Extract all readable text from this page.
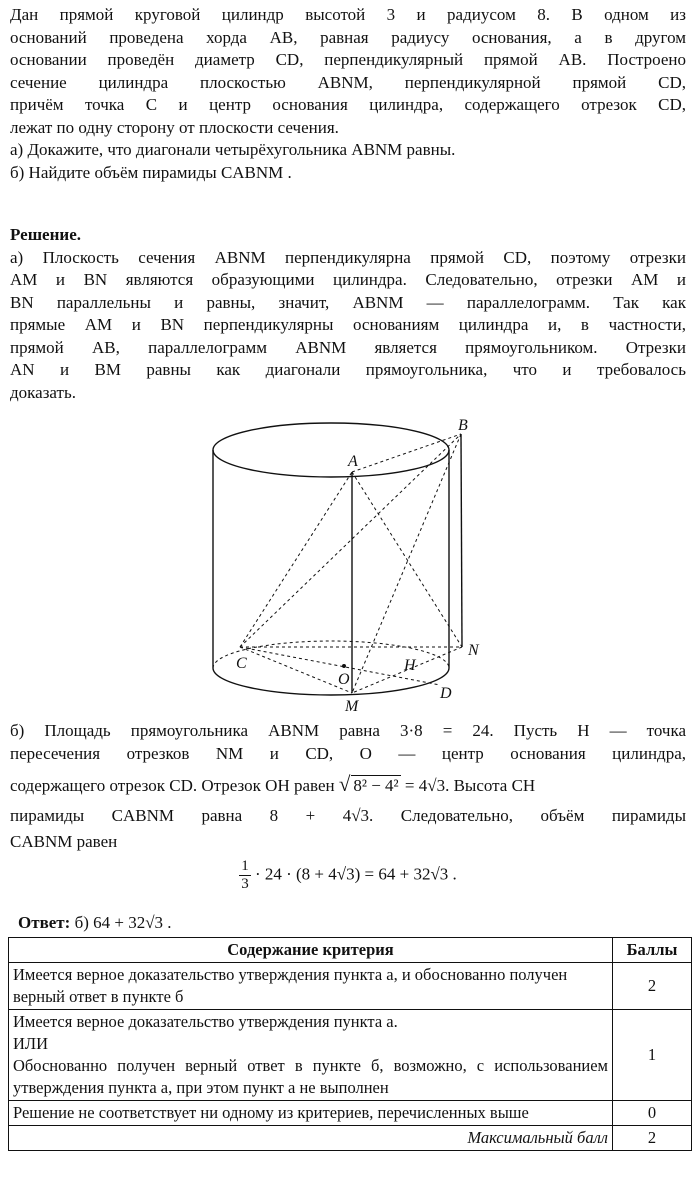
Дан прямой круговой цилиндр высотой 3 и радиусом 8. В одном из

оснований проведена хорда AB, равная радиусу основания, а в другом

основании проведён диаметр CD, перпендикулярный прямой AB. Построено

сечение цилиндра плоскостью ABNM, перпендикулярной прямой CD,

причём точка C и центр основания цилиндра, содержащего отрезок CD,

лежат по одну сторону от плоскости сечения.

а) Докажите, что диагонали четырёхугольника ABNM равны.

б) Найдите объём пирамиды CABNM .

Решение.

а) Плоскость сечения ABNM перпендикулярна прямой CD, поэтому отрезки

AM и BN являются образующими цилиндра. Следовательно, отрезки AM и

BN параллельны и равны, значит, ABNM — параллелограмм. Так как

прямые AM и BN перпендикулярны основаниям цилиндра и, в частности,

прямой AB, параллелограмм ABNM является прямоугольником. Отрезки

AN и BM равны как диагонали прямоугольника, что и требовалось

доказать.

B
A
N
C	H
O
D
M

б) Площадь прямоугольника ABNM равна 3·8 = 24. Пусть H — точка

пересечения отрезков NM и CD, O — центр основания цилиндра,

содержащего отрезок CD. Отрезок OH равен √ 8² − 4² = 4√3. Высота CH

пирамиды CABNM равна 8 + 4√3. Следовательно, объём пирамиды

CABNM равен

$\frac{1}{3} \cdot 24 \cdot (8 + 4√3) = 64 + 32√3$ .

Ответ: б) 64 + 32√3 .
Содержание критерия	Баллы
Имеется верное доказательство утверждения пункта а, и обоснованно получен верный ответ в пункте б	2

Имеется верное доказательство утверждения пункта а.
ИЛИ
Обоснованно получен верный ответ в пункте б, возможно, с использованием утверждения пункта а, при этом пункт а не выполнен	1
Решение не соответствует ни одному из критериев, перечисленных выше	0
Максимальный балл	2
